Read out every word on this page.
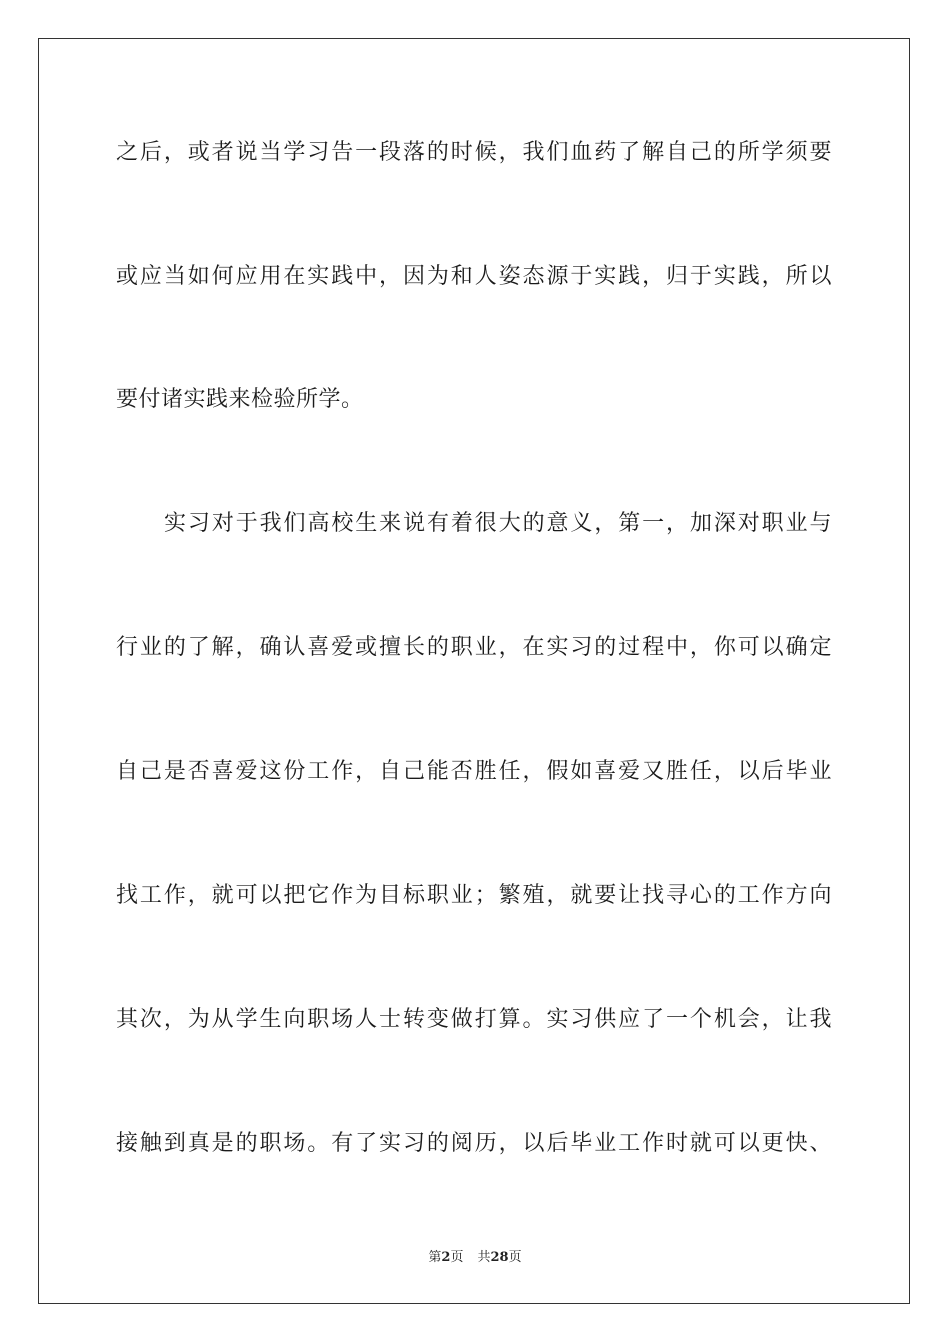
之后，或者说当学习告一段落的时候，我们血药了解自己的所学须要
或应当如何应用在实践中，因为和人姿态源于实践，归于实践，所以
要付诸实践来检验所学。
实习对于我们高校生来说有着很大的意义，第一，加深对职业与
行业的了解，确认喜爱或擅长的职业，在实习的过程中，你可以确定
自己是否喜爱这份工作，自己能否胜任，假如喜爱又胜任，以后毕业
找工作，就可以把它作为目标职业；繁殖，就要让找寻心的工作方向
其次，为从学生向职场人士转变做打算。实习供应了一个机会，让我
接触到真是的职场。有了实习的阅历，以后毕业工作时就可以更快、
第2页 共28页
